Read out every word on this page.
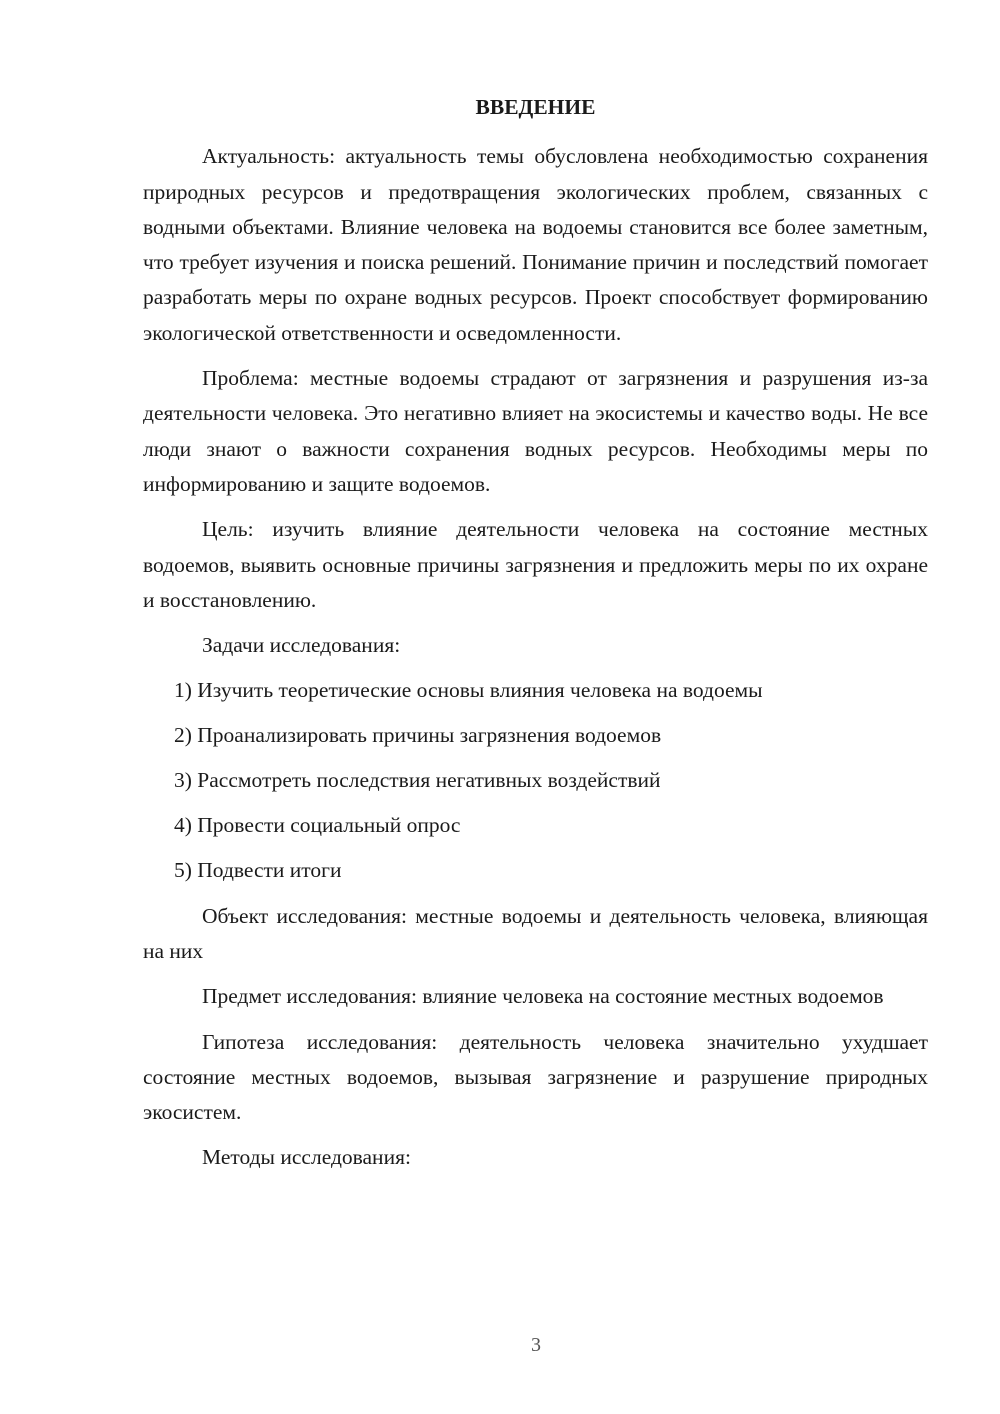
ВВЕДЕНИЕ

Актуальность: актуальность темы обусловлена необходимостью сохранения природных ресурсов и предотвращения экологических проблем, связанных с водными объектами. Влияние человека на водоемы становится все более заметным, что требует изучения и поиска решений. Понимание причин и последствий помогает разработать меры по охране водных ресурсов. Проект способствует формированию экологической ответственности и осведомленности.

Проблема: местные водоемы страдают от загрязнения и разрушения из-за деятельности человека. Это негативно влияет на экосистемы и качество воды. Не все люди знают о важности сохранения водных ресурсов. Необходимы меры по информированию и защите водоемов.

Цель: изучить влияние деятельности человека на состояние местных водоемов, выявить основные причины загрязнения и предложить меры по их охране и восстановлению.

Задачи исследования:

1) Изучить теоретические основы влияния человека на водоемы
2) Проанализировать причины загрязнения водоемов
3) Рассмотреть последствия негативных воздействий
4) Провести социальный опрос
5) Подвести итоги

Объект исследования: местные водоемы и деятельность человека, влияющая на них

Предмет исследования: влияние человека на состояние местных водоемов

Гипотеза исследования: деятельность человека значительно ухудшает состояние местных водоемов, вызывая загрязнение и разрушение природных экосистем.

Методы исследования:

3
